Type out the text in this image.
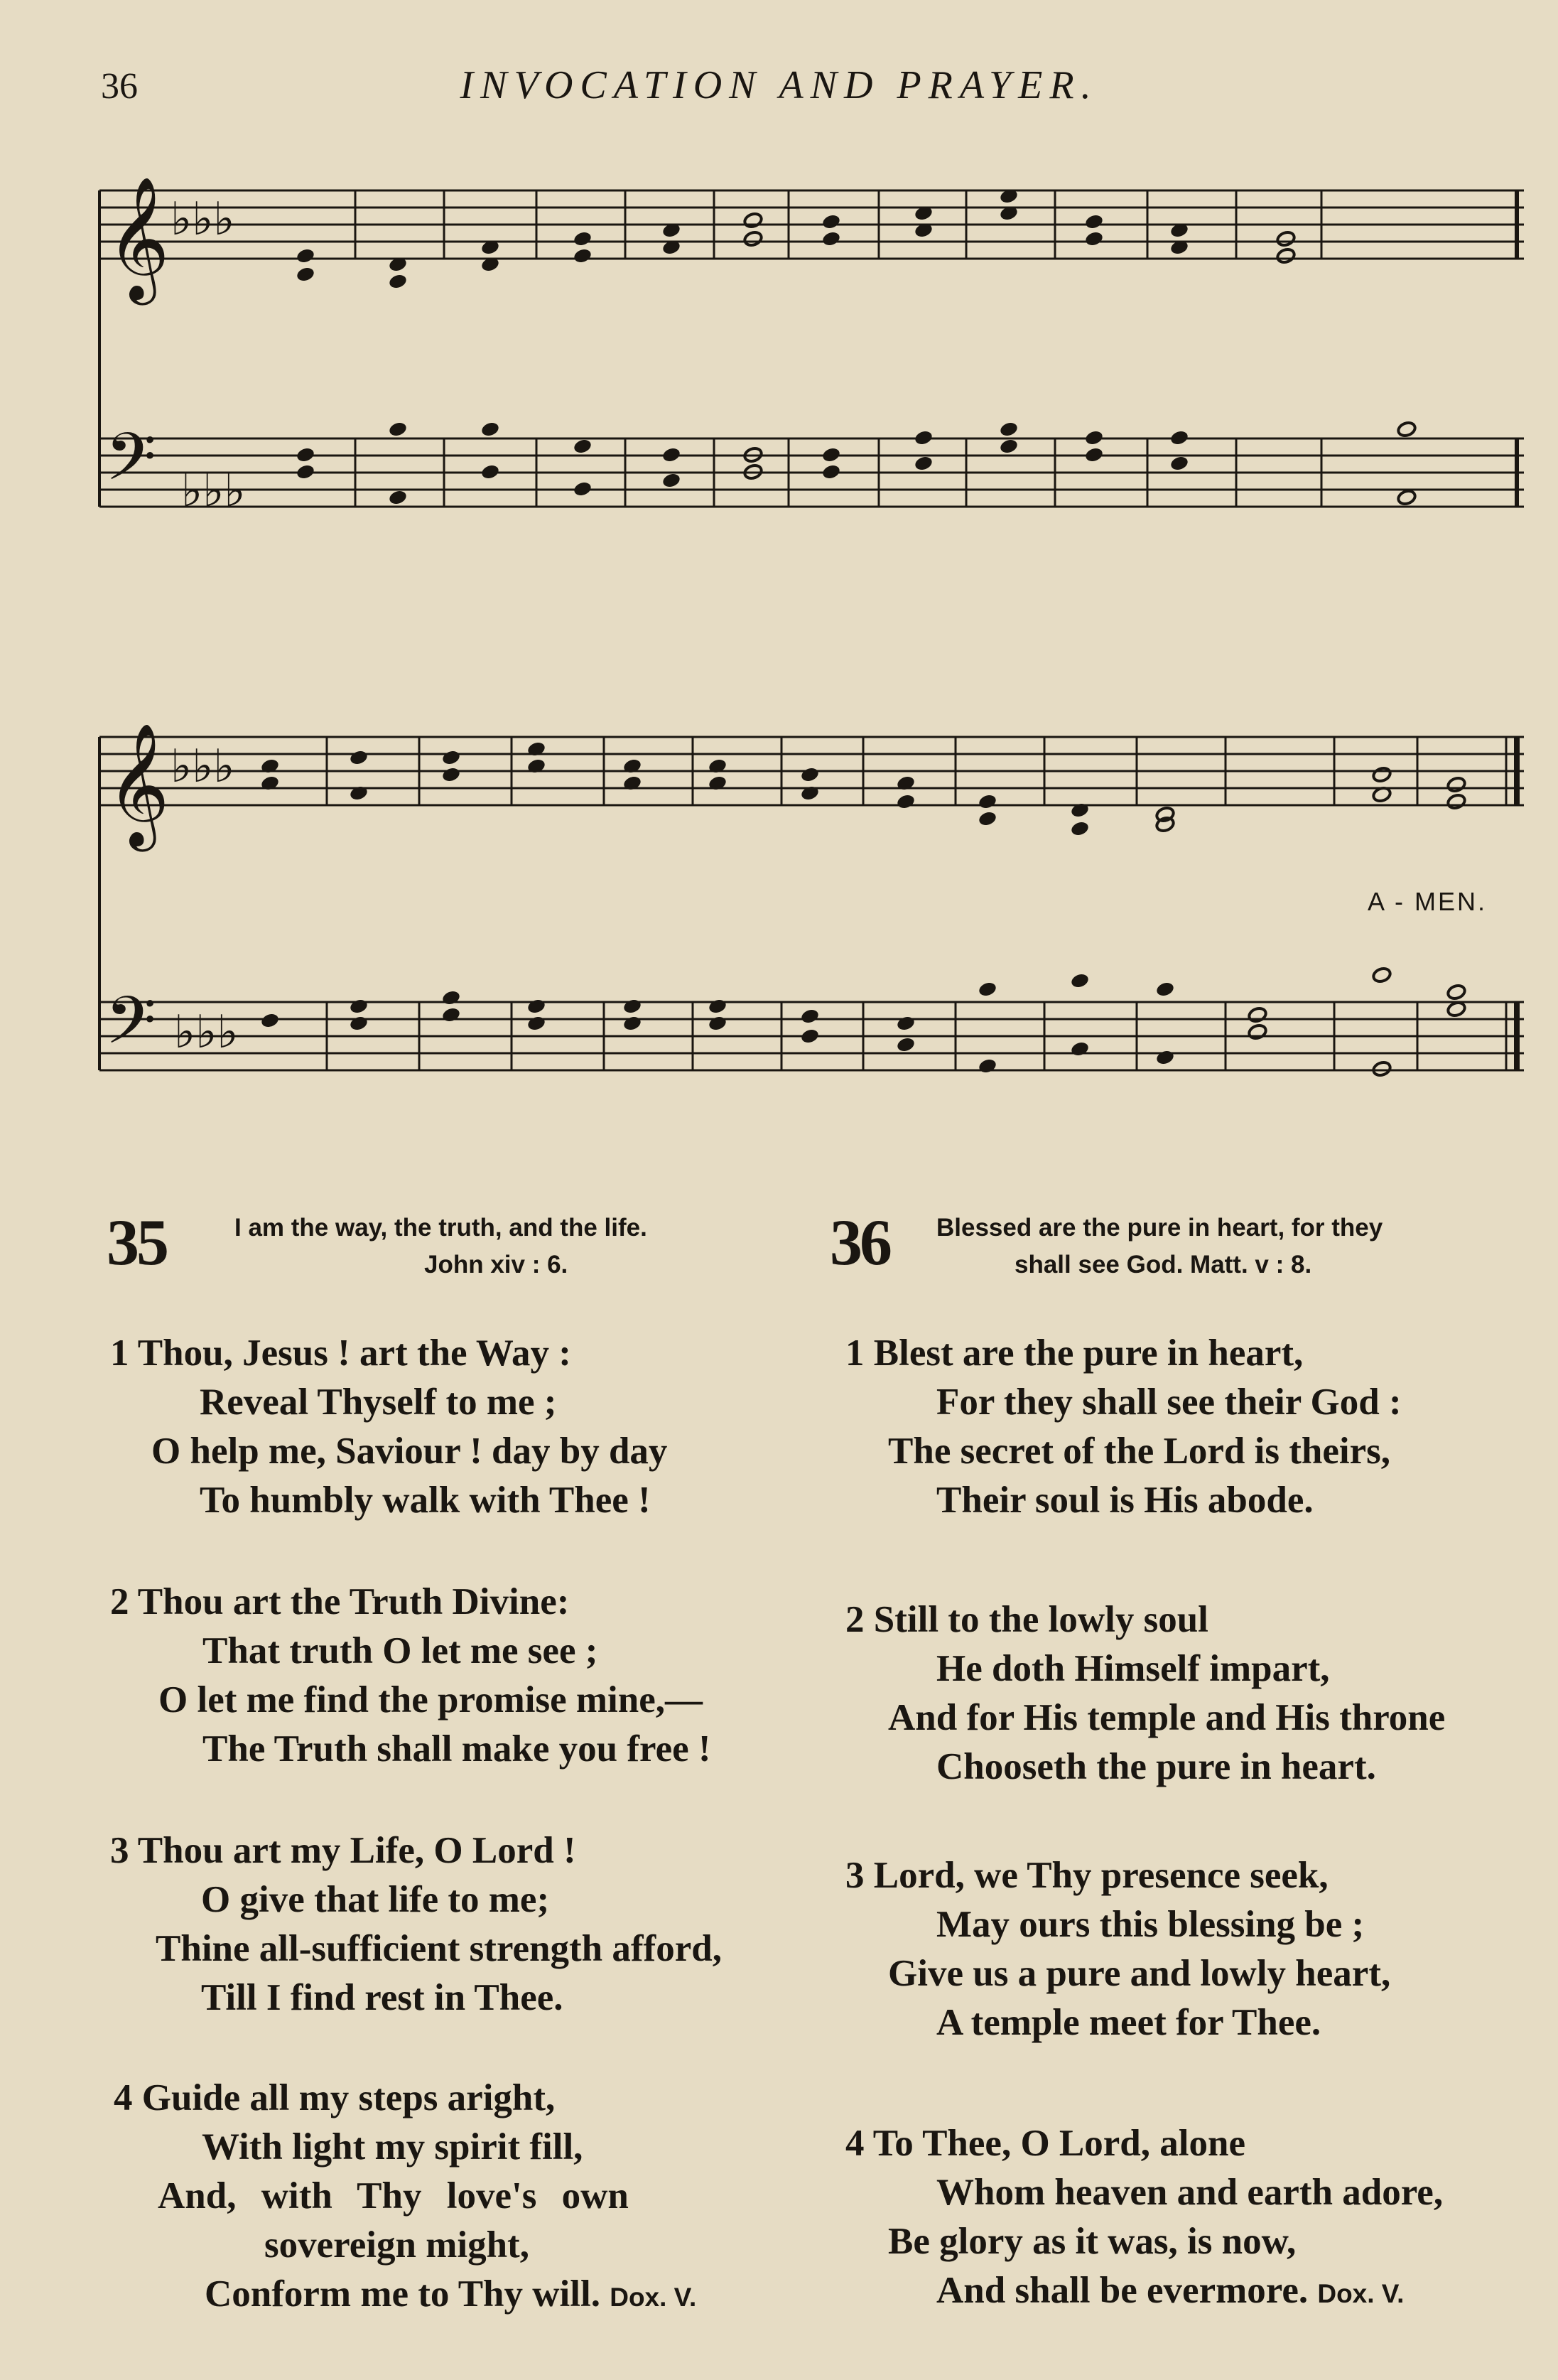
36	INVOCATION AND PRAYER.
𝄞
𝄢
𝄞
𝄢
♭♭♭
♭♭♭
♭♭♭
♭♭♭
A - MEN.
35	I am the way, the truth, and the life.
John xiv : 6.
1 Thou, Jesus ! art the Way :
Reveal Thyself to me ;
O help me, Saviour ! day by day
To humbly walk with Thee !
2 Thou art the Truth Divine:
That truth O let me see ;
O let me find the promise mine,—
The Truth shall make you free !
3 Thou art my Life, O Lord !
O give that life to me;
Thine all-sufficient strength afford,
Till I find rest in Thee.
4 Guide all my steps aright,
With light my spirit fill,
And, with Thy love's own
sovereign might,
Conform me to Thy will. Dox. V.
36 Blessed are the pure in heart, for they
shall see God. Matt. v : 8.
1 Blest are the pure in heart,
For they shall see their God :
The secret of the Lord is theirs,
Their soul is His abode.
2 Still to the lowly soul
He doth Himself impart,
And for His temple and His throne
Chooseth the pure in heart.
3 Lord, we Thy presence seek,
May ours this blessing be ;
Give us a pure and lowly heart,
A temple meet for Thee.
4 To Thee, O Lord, alone
Whom heaven and earth adore,
Be glory as it was, is now,
And shall be evermore. Dox. V.
